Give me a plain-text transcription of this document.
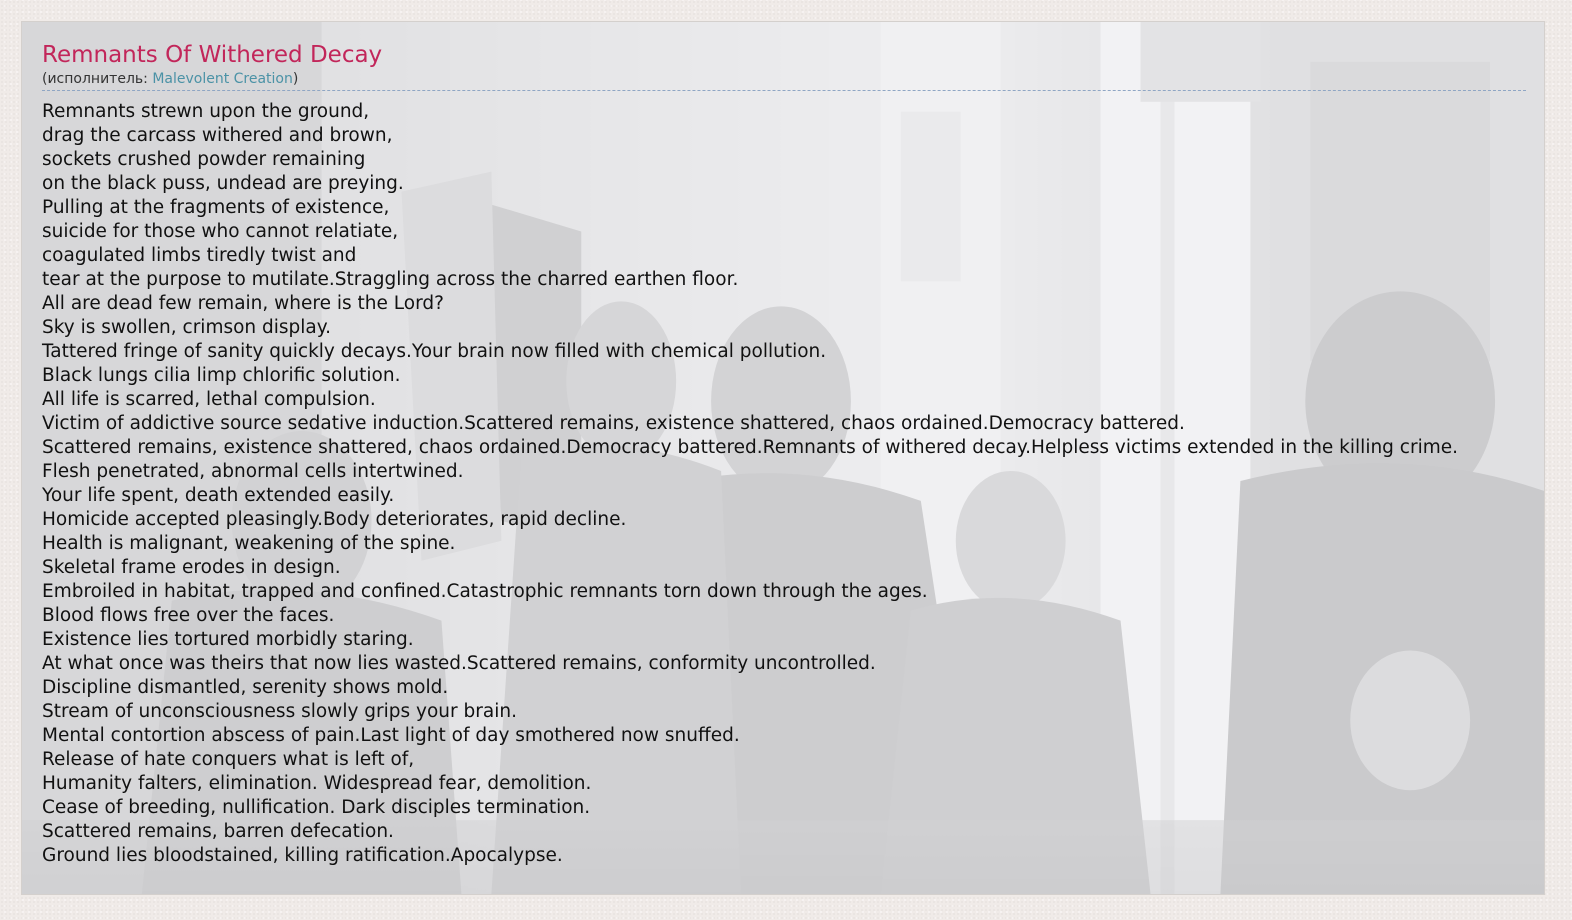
Remnants Of Withered Decay
(исполнитель: Malevolent Creation)
Remnants strewn upon the ground,
drag the carcass withered and brown,
sockets crushed powder remaining
on the black puss, undead are preying.
Pulling at the fragments of existence,
suicide for those who cannot relatiate,
coagulated limbs tiredly twist and
tear at the purpose to mutilate.Straggling across the charred earthen floor.
All are dead few remain, where is the Lord?
Sky is swollen, crimson display.
Tattered fringe of sanity quickly decays.Your brain now filled with chemical pollution.
Black lungs cilia limp chlorific solution.
All life is scarred, lethal compulsion.
Victim of addictive source sedative induction.Scattered remains, existence shattered, chaos ordained.Democracy battered.
Scattered remains, existence shattered, chaos ordained.Democracy battered.Remnants of withered decay.Helpless victims extended in the killing crime.
Flesh penetrated, abnormal cells intertwined.
Your life spent, death extended easily.
Homicide accepted pleasingly.Body deteriorates, rapid decline.
Health is malignant, weakening of the spine.
Skeletal frame erodes in design.
Embroiled in habitat, trapped and confined.Catastrophic remnants torn down through the ages.
Blood flows free over the faces.
Existence lies tortured morbidly staring.
At what once was theirs that now lies wasted.Scattered remains, conformity uncontrolled.
Discipline dismantled, serenity shows mold.
Stream of unconsciousness slowly grips your brain.
Mental contortion abscess of pain.Last light of day smothered now snuffed.
Release of hate conquers what is left of,
Humanity falters, elimination. Widespread fear, demolition.
Cease of breeding, nullification. Dark disciples termination.
Scattered remains, barren defecation.
Ground lies bloodstained, killing ratification.Apocalypse.
